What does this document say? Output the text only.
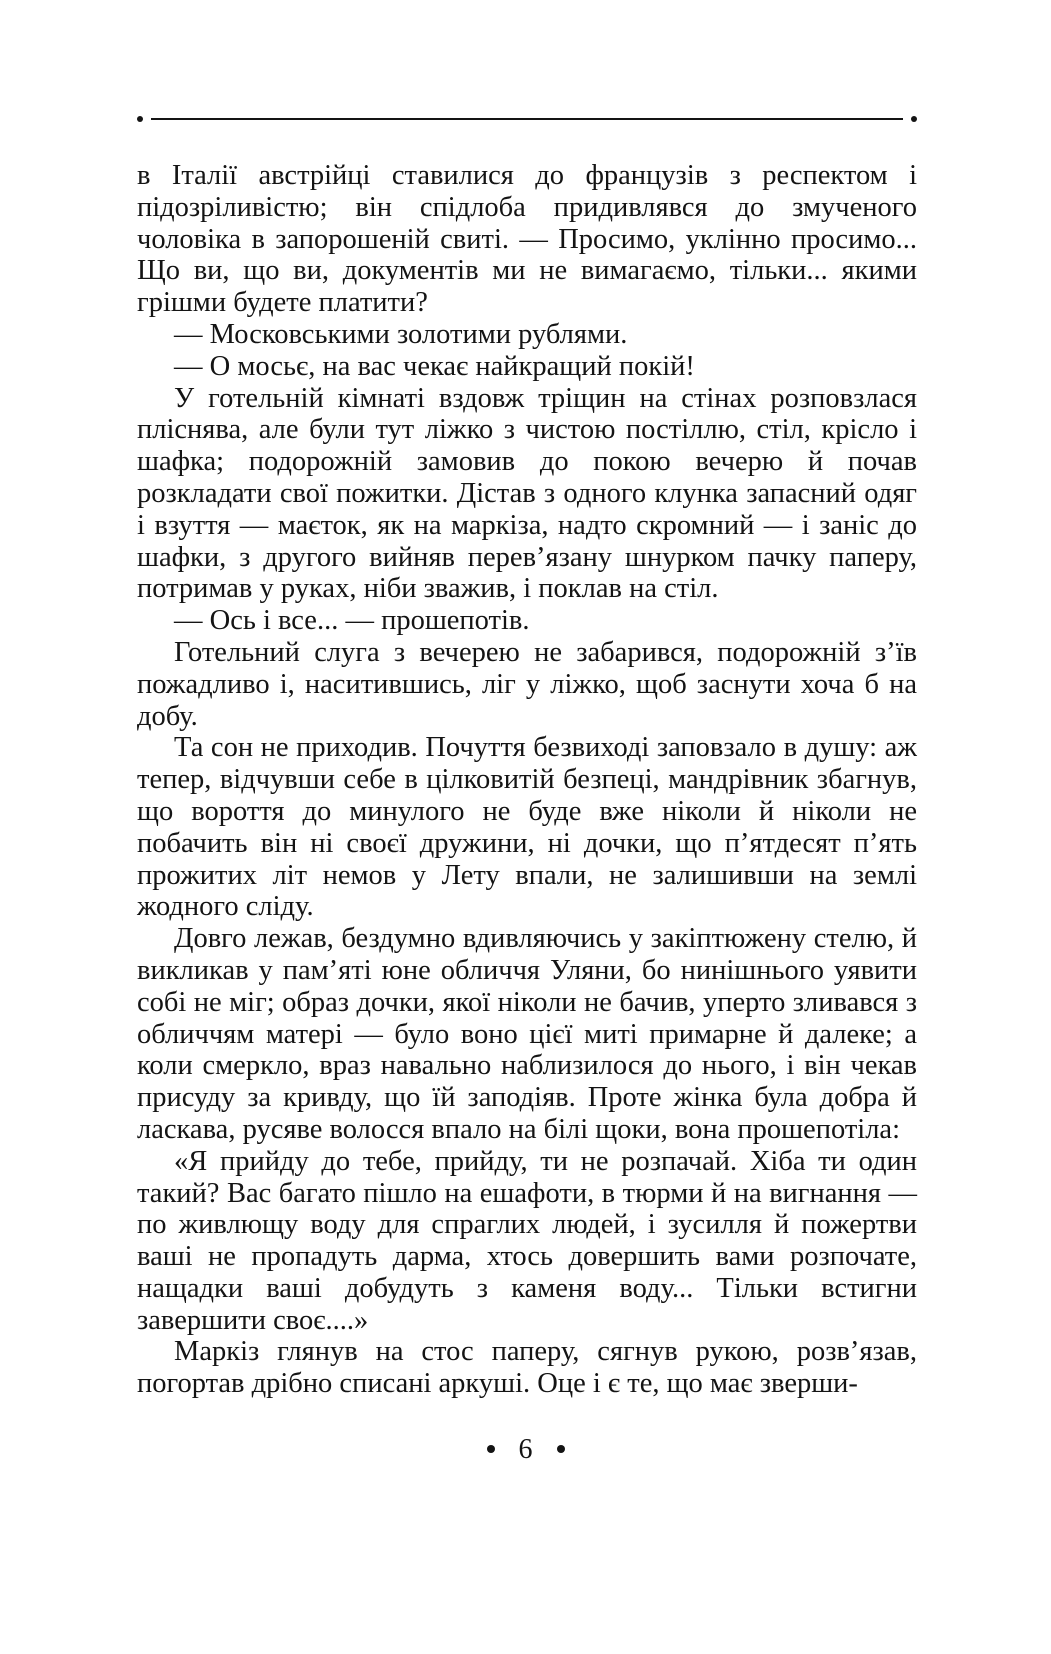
в Італії австрійці ставилися до французів з респектом і підозріливістю; він спідлоба придивлявся до змученого чоловіка в запорошеній свиті. — Просимо, уклінно просимо... Що ви, що ви, документів ми не вимагаємо, тільки... якими грішми будете платити?

— Московськими золотими рублями.

— О мосьє, на вас чекає найкращий покій!

У готельній кімнаті вздовж тріщин на стінах розповзлася пліснява, але були тут ліжко з чистою постіллю, стіл, крісло і шафка; подорожній замовив до покою вечерю й почав розкладати свої пожитки. Дістав з одного клунка запасний одяг і взуття — маєток, як на маркіза, надто скромний — і заніс до шафки, з другого вийняв перев’язану шнурком пачку паперу, потримав у руках, ніби зважив, і поклав на стіл.

— Ось і все... — прошепотів.

Готельний слуга з вечерею не забарився, подорожній з’їв пожадливо і, наситившись, ліг у ліжко, щоб заснути хоча б на добу.

Та сон не приходив. Почуття безвиході заповзало в душу: аж тепер, відчувши себе в цілковитій безпеці, мандрівник збагнув, що вороття до минулого не буде вже ніколи й ніколи не побачить він ні своєї дружини, ні дочки, що п’ятдесят п’ять прожитих літ немов у Лету впали, не залишивши на землі жодного сліду.

Довго лежав, бездумно вдивляючись у закіптюжену стелю, й викликав у пам’яті юне обличчя Уляни, бо нинішнього уявити собі не міг; образ дочки, якої ніколи не бачив, уперто зливався з обличчям матері — було воно цієї миті примарне й далеке; а коли смеркло, враз навально наблизилося до нього, і він чекав присуду за кривду, що їй заподіяв. Проте жінка була добра й ласкава, русяве волосся впало на білі щоки, вона прошепотіла:

«Я прийду до тебе, прийду, ти не розпачай. Хіба ти один такий? Вас багато пішло на ешафоти, в тюрми й на вигнання — по живлющу воду для спраглих людей, і зусилля й пожертви ваші не пропадуть дарма, хтось довершить вами розпочате, нащадки ваші добудуть з каменя воду... Тільки встигни завершити своє....»

Маркіз глянув на стос паперу, сягнув рукою, розв’язав, погортав дрібно списані аркуші. Оце і є те, що має зверши-

6
